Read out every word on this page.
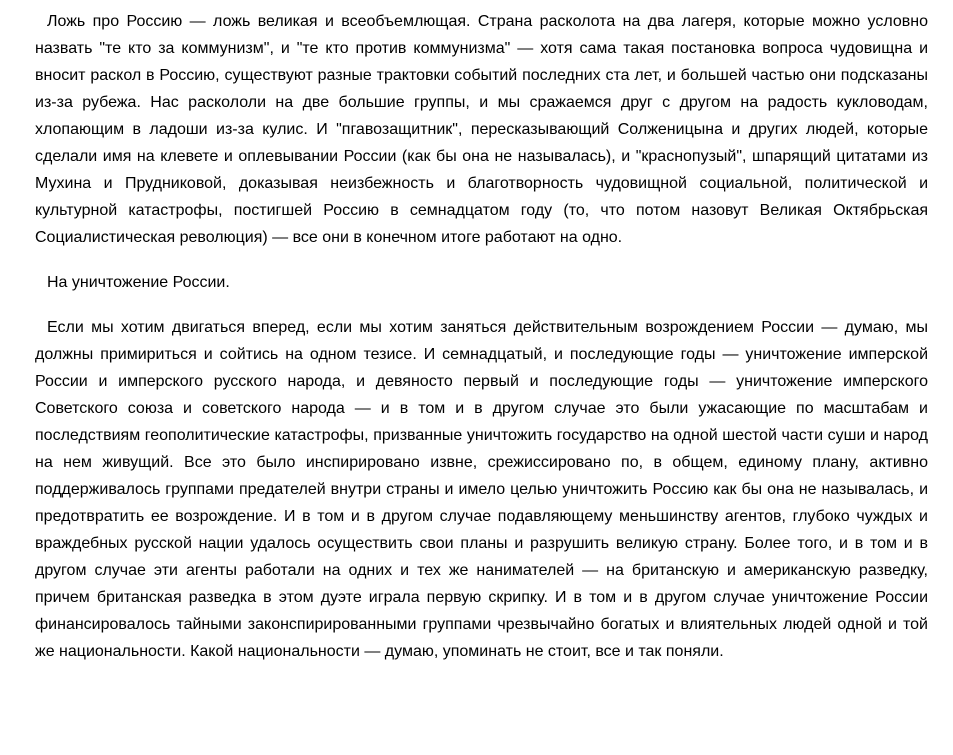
Ложь про Россию — ложь великая и всеобъемлющая. Страна расколота на два лагеря, которые можно условно назвать "те кто за коммунизм", и "те кто против коммунизма" — хотя сама такая постановка вопроса чудовищна и вносит раскол в Россию, существуют разные трактовки событий последних ста лет, и большей частью они подсказаны из-за рубежа. Нас раскололи на две большие группы, и мы сражаемся друг с другом на радость кукловодам, хлопающим в ладоши из-за кулис. И "пгавозащитник", пересказывающий Солженицына и других людей, которые сделали имя на клевете и оплевывании России (как бы она не называлась), и "краснопузый", шпарящий цитатами из Мухина и Прудниковой, доказывая неизбежность и благотворность чудовищной социальной, политической и культурной катастрофы, постигшей Россию в семнадцатом году (то, что потом назовут Великая Октябрьская Социалистическая революция) — все они в конечном итоге работают на одно.

На уничтожение России.

Если мы хотим двигаться вперед, если мы хотим заняться действительным возрождением России — думаю, мы должны примириться и сойтись на одном тезисе. И семнадцатый, и последующие годы — уничтожение имперской России и имперского русского народа, и девяносто первый и последующие годы — уничтожение имперского Советского союза и советского народа — и в том и в другом случае это были ужасающие по масштабам и последствиям геополитические катастрофы, призванные уничтожить государство на одной шестой части суши и народ на нем живущий. Все это было инспирировано извне, срежиссировано по, в общем, единому плану, активно поддерживалось группами предателей внутри страны и имело целью уничтожить Россию как бы она не называлась, и предотвратить ее возрождение. И в том и в другом случае подавляющему меньшинству агентов, глубоко чуждых и враждебных русской нации удалось осуществить свои планы и разрушить великую страну. Более того, и в том и в другом случае эти агенты работали на одних и тех же нанимателей — на британскую и американскую разведку, причем британская разведка в этом дуэте играла первую скрипку. И в том и в другом случае уничтожение России финансировалось тайными законспирированными группами чрезвычайно богатых и влиятельных людей одной и той же национальности. Какой национальности — думаю, упоминать не стоит, все и так поняли.
